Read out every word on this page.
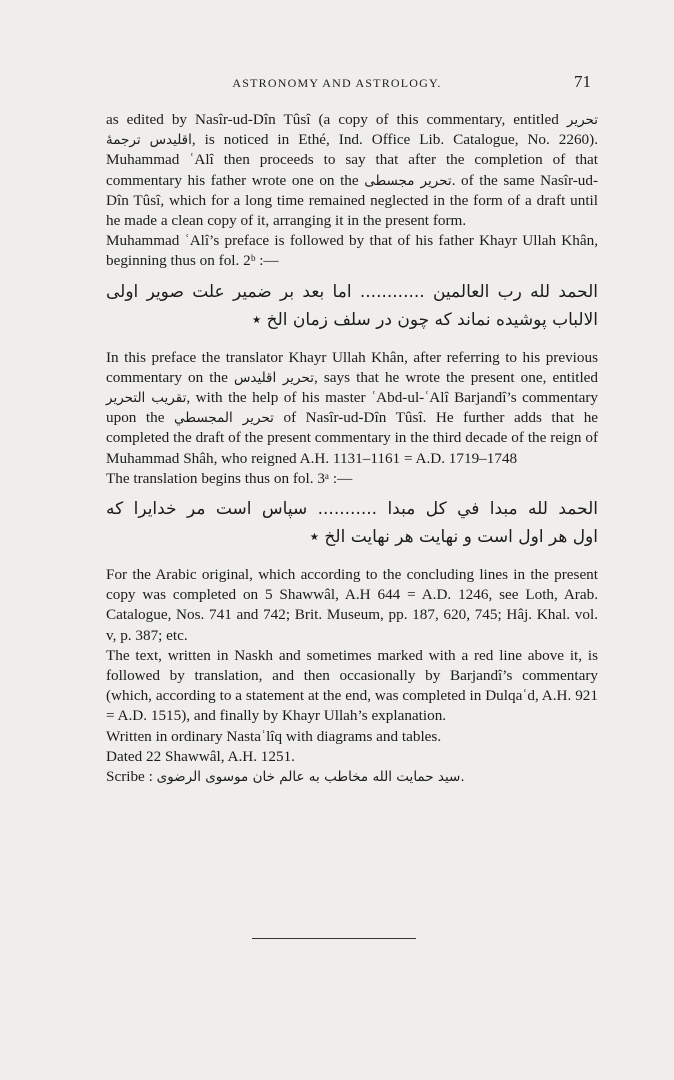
ASTRONOMY AND ASTROLOGY.	71

as edited by Nasîr-ud-Dîn Tûsî (a copy of this commentary, entitled تحریر اقلیدس ترجمهٔ	, is noticed in Ethé, Ind. Office Lib. Catalogue, No. 2260). Muhammad ʿAlî then proceeds to say that after the completion of that commentary his father wrote one on the تحریر مجسطی. of the same Nasîr-ud-Dîn Tûsî, which for a long time remained neglected in the form of a draft until he made a clean copy of it, arranging it in the present form.

Muhammad ʿAlî’s preface is followed by that of his father Khayr Ullah Khân, beginning thus on fol. 2ᵇ :—

الحمد لله رب العالمين ............ اما بعد بر ضمير علت صوير اولى
الالباب پوشيده نماند كه چون در سلف زمان الخ ٭

In this preface the translator Khayr Ullah Khân, after referring to his previous commentary on the تحریر اقلیدس, says that he wrote the present one, entitled تقریب التحریر, with the help of his master ʿAbd-ul-ʿAlî Barjandî’s commentary upon the تحرير المجسطي of Nasîr-ud-Dîn Tûsî. He further adds that he completed the draft of the present commentary in the third decade of the reign of Muhammad Shâh, who reigned A.H. 1131–1161 = A.D. 1719–1748

The translation begins thus on fol. 3ᵃ :—

الحمد لله مبدا في كل مبدا ........... سپاس است مر خدايرا كه
اول هر اول است و نهايت هر نهايت الخ ٭

For the Arabic original, which according to the concluding lines in the present copy was completed on 5 Shawwâl, A.H 644 = A.D. 1246, see Loth, Arab. Catalogue, Nos. 741 and 742; Brit. Museum, pp. 187, 620, 745; Hâj. Khal. vol. v, p. 387; etc.

The text, written in Naskh and sometimes marked with a red line above it, is followed by translation, and then occasionally by Barjandî’s commentary (which, according to a statement at the end, was completed in Dulqaʿd, A.H. 921 = A.D. 1515), and finally by Khayr Ullah’s explanation.

Written in ordinary Nastaʿlîq with diagrams and tables.

Dated 22 Shawwâl, A.H. 1251.

Scribe : سيد حمايت الله مخاطب به عالم خان موسوى الرضوى.
